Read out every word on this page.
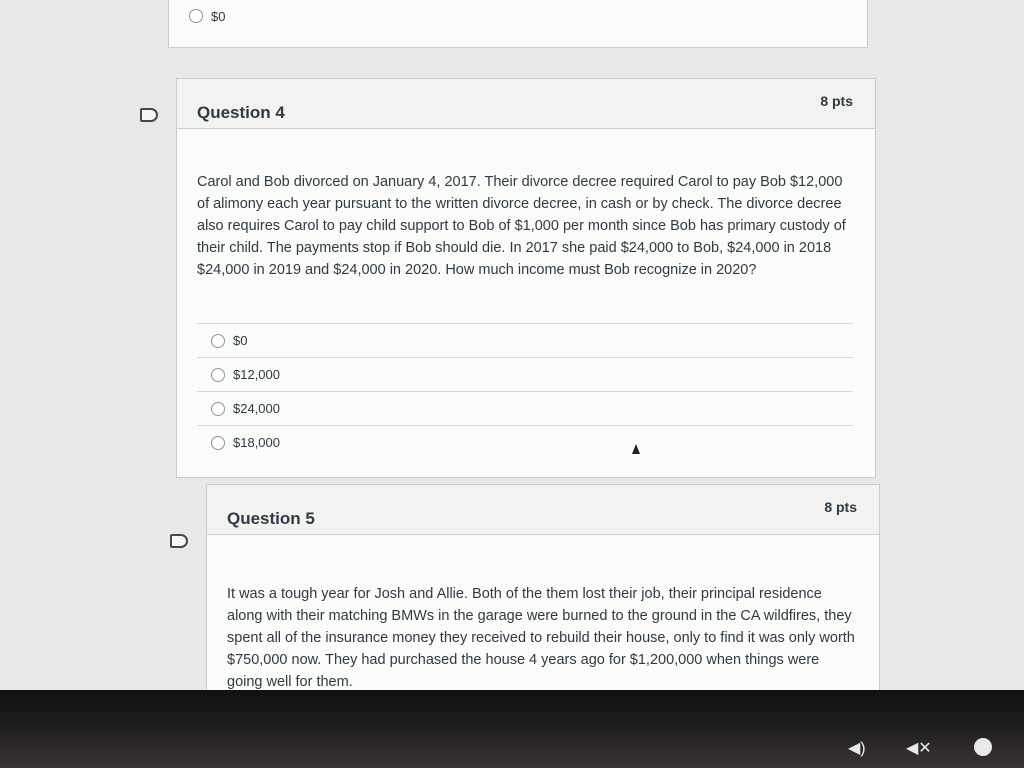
$0
Question 4
8 pts
Carol and Bob divorced on January 4, 2017. Their divorce decree required Carol to pay Bob $12,000 of alimony each year pursuant to the written divorce decree, in cash or by check. The divorce decree also requires Carol to pay child support to Bob of $1,000 per month since Bob has primary custody of their child. The payments stop if Bob should die. In 2017 she paid $24,000 to Bob, $24,000 in 2018 $24,000 in 2019 and $24,000 in 2020. How much income must Bob recognize in 2020?
$0
$12,000
$24,000
$18,000
Question 5
8 pts
It was a tough year for Josh and Allie. Both of the them lost their job, their principal residence along with their matching BMWs in the garage were burned to the ground in the CA wildfires, they spent all of the insurance money they received to rebuild their house, only to find it was only worth $750,000 now. They had purchased the house 4 years ago for $1,200,000 when things were going well for them.
◀)	◀✕
